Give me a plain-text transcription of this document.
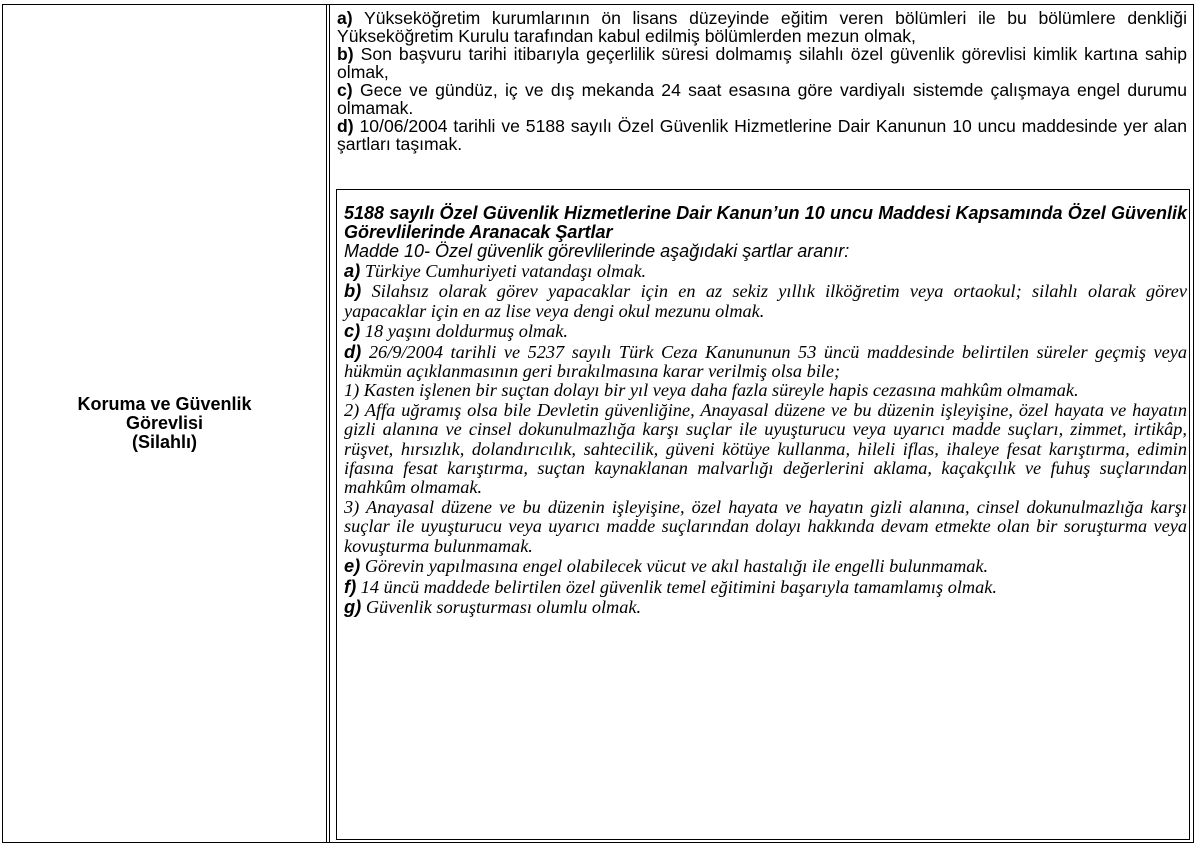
Koruma ve Güvenlik
Görevlisi
(Silahlı)
a) Yükseköğretim kurumlarının ön lisans düzeyinde eğitim veren bölümleri ile bu bölümlere denkliği Yükseköğretim Kurulu tarafından kabul edilmiş bölümlerden mezun olmak,
b) Son başvuru tarihi itibarıyla geçerlilik süresi dolmamış silahlı özel güvenlik görevlisi kimlik kartına sahip olmak,
c) Gece ve gündüz, iç ve dış mekanda 24 saat esasına göre vardiyalı sistemde çalışmaya engel durumu olmamak.
d) 10/06/2004 tarihli ve 5188 sayılı Özel Güvenlik Hizmetlerine Dair Kanunun 10 uncu maddesinde yer alan şartları taşımak.
5188 sayılı Özel Güvenlik Hizmetlerine Dair Kanun’un 10 uncu Maddesi Kapsamında Özel Güvenlik Görevlilerinde Aranacak Şartlar
Madde 10- Özel güvenlik görevlilerinde aşağıdaki şartlar aranır:
a) Türkiye Cumhuriyeti vatandaşı olmak.
b) Silahsız olarak görev yapacaklar için en az sekiz yıllık ilköğretim veya ortaokul; silahlı olarak görev yapacaklar için en az lise veya dengi okul mezunu olmak.
c) 18 yaşını doldurmuş olmak.
d) 26/9/2004 tarihli ve 5237 sayılı Türk Ceza Kanununun 53 üncü maddesinde belirtilen süreler geçmiş veya hükmün açıklanmasının geri bırakılmasına karar verilmiş olsa bile;
1) Kasten işlenen bir suçtan dolayı bir yıl veya daha fazla süreyle hapis cezasına mahkûm olmamak.
2) Affa uğramış olsa bile Devletin güvenliğine, Anayasal düzene ve bu düzenin işleyişine, özel hayata ve hayatın gizli alanına ve cinsel dokunulmazlığa karşı suçlar ile uyuşturucu veya uyarıcı madde suçları, zimmet, irtikâp, rüşvet, hırsızlık, dolandırıcılık, sahtecilik, güveni kötüye kullanma, hileli iflas, ihaleye fesat karıştırma, edimin ifasına fesat karıştırma, suçtan kaynaklanan malvarlığı değerlerini aklama, kaçakçılık ve fuhuş suçlarından mahkûm olmamak.
3) Anayasal düzene ve bu düzenin işleyişine, özel hayata ve hayatın gizli alanına, cinsel dokunulmazlığa karşı suçlar ile uyuşturucu veya uyarıcı madde suçlarından dolayı hakkında devam etmekte olan bir soruşturma veya kovuşturma bulunmamak.
e) Görevin yapılmasına engel olabilecek vücut ve akıl hastalığı ile engelli bulunmamak.
f) 14 üncü maddede belirtilen özel güvenlik temel eğitimini başarıyla tamamlamış olmak.
g) Güvenlik soruşturması olumlu olmak.
